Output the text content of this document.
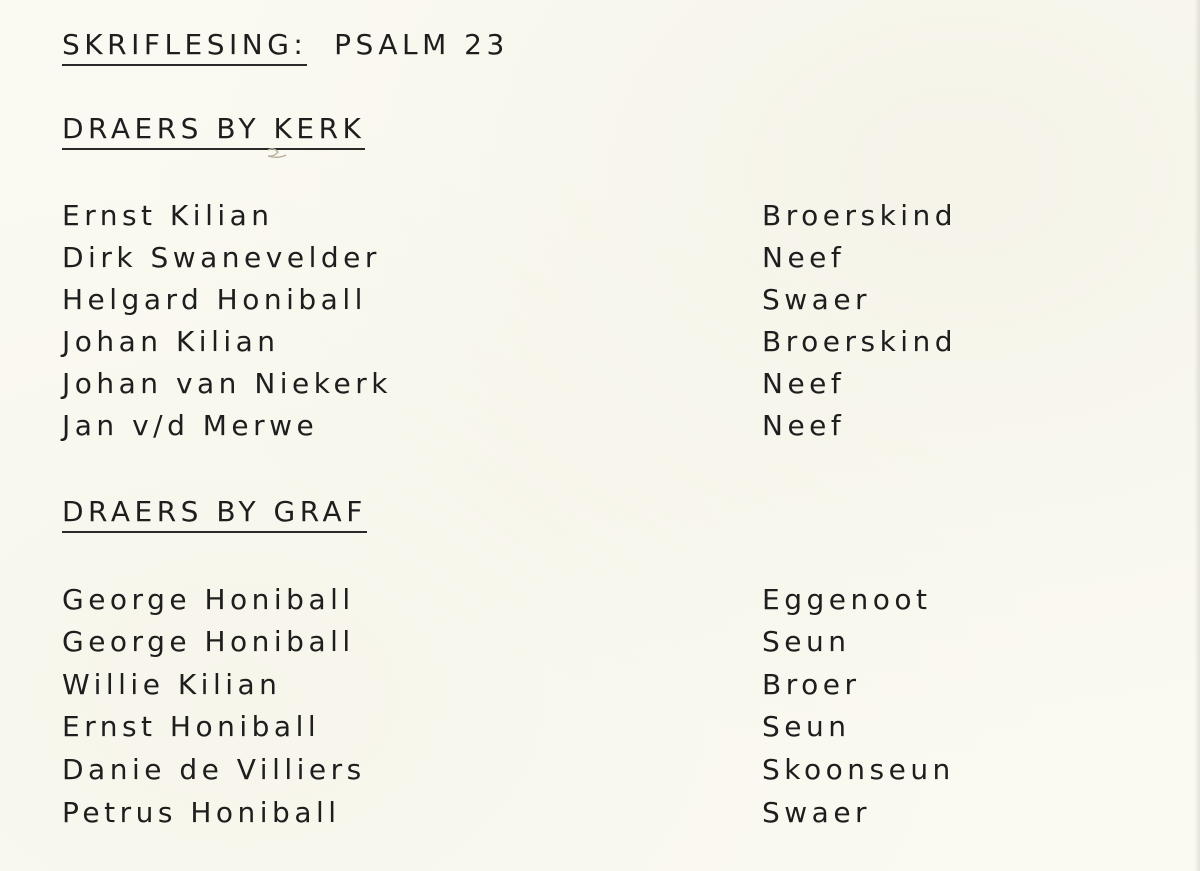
SKRIFLESING: PSALM 23
DRAERS BY KERK
Ernst Kilian	Broerskind
Dirk Swanevelder	Neef
Helgard Honiball	Swaer
Johan Kilian	Broerskind
Johan van Niekerk	Neef
Jan v/d Merwe	Neef
DRAERS BY GRAF
George Honiball	Eggenoot
George Honiball	Seun
Willie Kilian	Broer
Ernst Honiball	Seun
Danie de Villiers	Skoonseun
Petrus Honiball	Swaer
